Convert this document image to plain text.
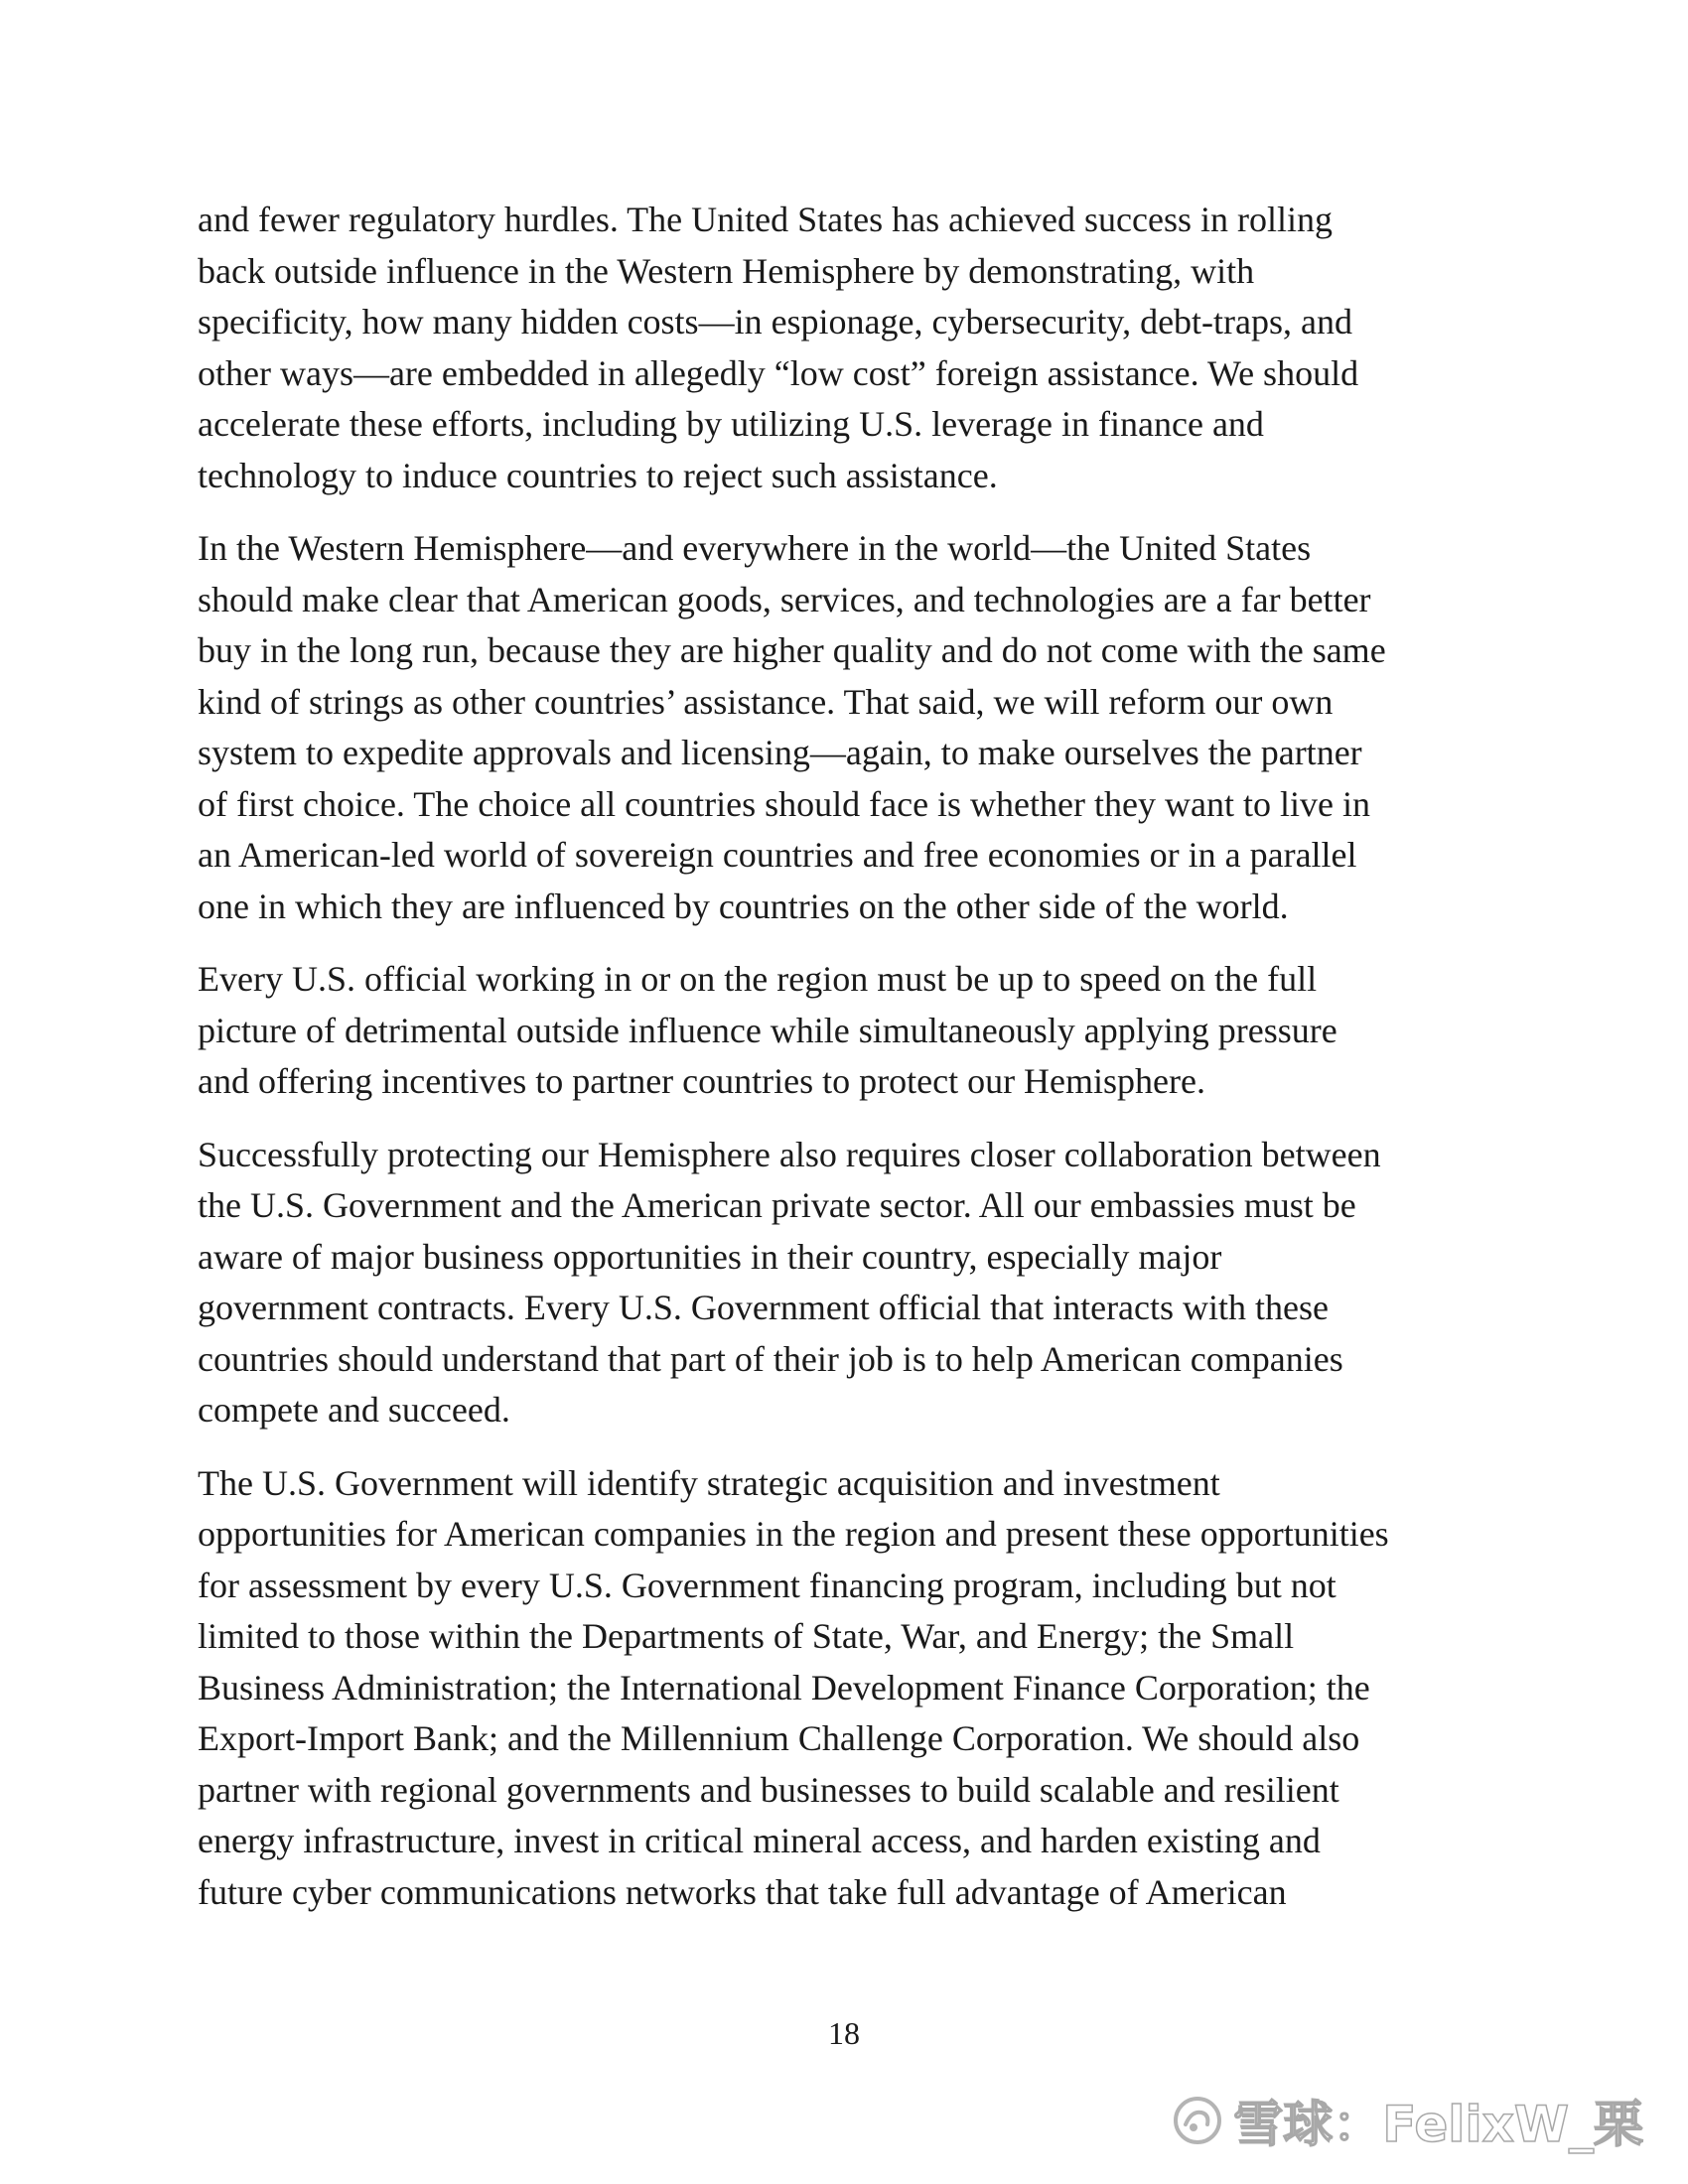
and fewer regulatory hurdles. The United States has achieved success in rolling
back outside influence in the Western Hemisphere by demonstrating, with
specificity, how many hidden costs—in espionage, cybersecurity, debt-traps, and
other ways—are embedded in allegedly “low cost” foreign assistance. We should
accelerate these efforts, including by utilizing U.S. leverage in finance and
technology to induce countries to reject such assistance.

In the Western Hemisphere—and everywhere in the world—the United States
should make clear that American goods, services, and technologies are a far better
buy in the long run, because they are higher quality and do not come with the same
kind of strings as other countries’ assistance. That said, we will reform our own
system to expedite approvals and licensing—again, to make ourselves the partner
of first choice. The choice all countries should face is whether they want to live in
an American-led world of sovereign countries and free economies or in a parallel
one in which they are influenced by countries on the other side of the world.

Every U.S. official working in or on the region must be up to speed on the full
picture of detrimental outside influence while simultaneously applying pressure
and offering incentives to partner countries to protect our Hemisphere.

Successfully protecting our Hemisphere also requires closer collaboration between
the U.S. Government and the American private sector. All our embassies must be
aware of major business opportunities in their country, especially major
government contracts. Every U.S. Government official that interacts with these
countries should understand that part of their job is to help American companies
compete and succeed.

The U.S. Government will identify strategic acquisition and investment
opportunities for American companies in the region and present these opportunities
for assessment by every U.S. Government financing program, including but not
limited to those within the Departments of State, War, and Energy; the Small
Business Administration; the International Development Finance Corporation; the
Export-Import Bank; and the Millennium Challenge Corporation. We should also
partner with regional governments and businesses to build scalable and resilient
energy infrastructure, invest in critical mineral access, and harden existing and
future cyber communications networks that take full advantage of American

18
雪球：FelixW_栗
